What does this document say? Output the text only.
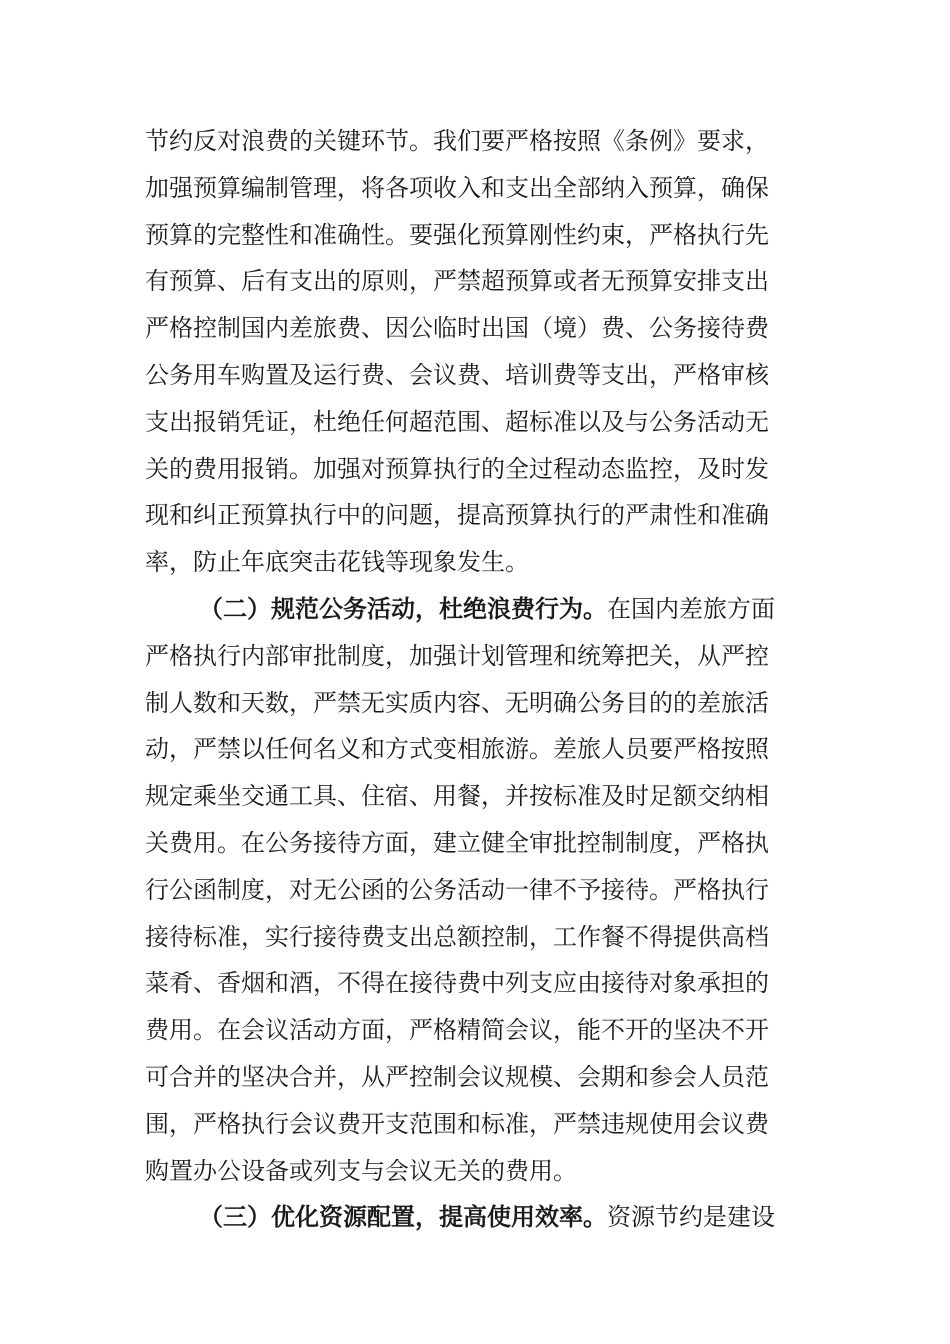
节约反对浪费的关键环节。我们要严格按照《条例》要求，
加强预算编制管理，将各项收入和支出全部纳入预算，确保
预算的完整性和准确性。要强化预算刚性约束，严格执行先
有预算、后有支出的原则，严禁超预算或者无预算安排支出
严格控制国内差旅费、因公临时出国（境）费、公务接待费
公务用车购置及运行费、会议费、培训费等支出，严格审核
支出报销凭证，杜绝任何超范围、超标准以及与公务活动无
关的费用报销。加强对预算执行的全过程动态监控，及时发
现和纠正预算执行中的问题，提高预算执行的严肃性和准确
率，防止年底突击花钱等现象发生。
（二）规范公务活动，杜绝浪费行为。在国内差旅方面
严格执行内部审批制度，加强计划管理和统筹把关，从严控
制人数和天数，严禁无实质内容、无明确公务目的的差旅活
动，严禁以任何名义和方式变相旅游。差旅人员要严格按照
规定乘坐交通工具、住宿、用餐，并按标准及时足额交纳相
关费用。在公务接待方面，建立健全审批控制制度，严格执
行公函制度，对无公函的公务活动一律不予接待。严格执行
接待标准，实行接待费支出总额控制，工作餐不得提供高档
菜肴、香烟和酒，不得在接待费中列支应由接待对象承担的
费用。在会议活动方面，严格精简会议，能不开的坚决不开
可合并的坚决合并，从严控制会议规模、会期和参会人员范
围，严格执行会议费开支范围和标准，严禁违规使用会议费
购置办公设备或列支与会议无关的费用。
（三）优化资源配置，提高使用效率。资源节约是建设
